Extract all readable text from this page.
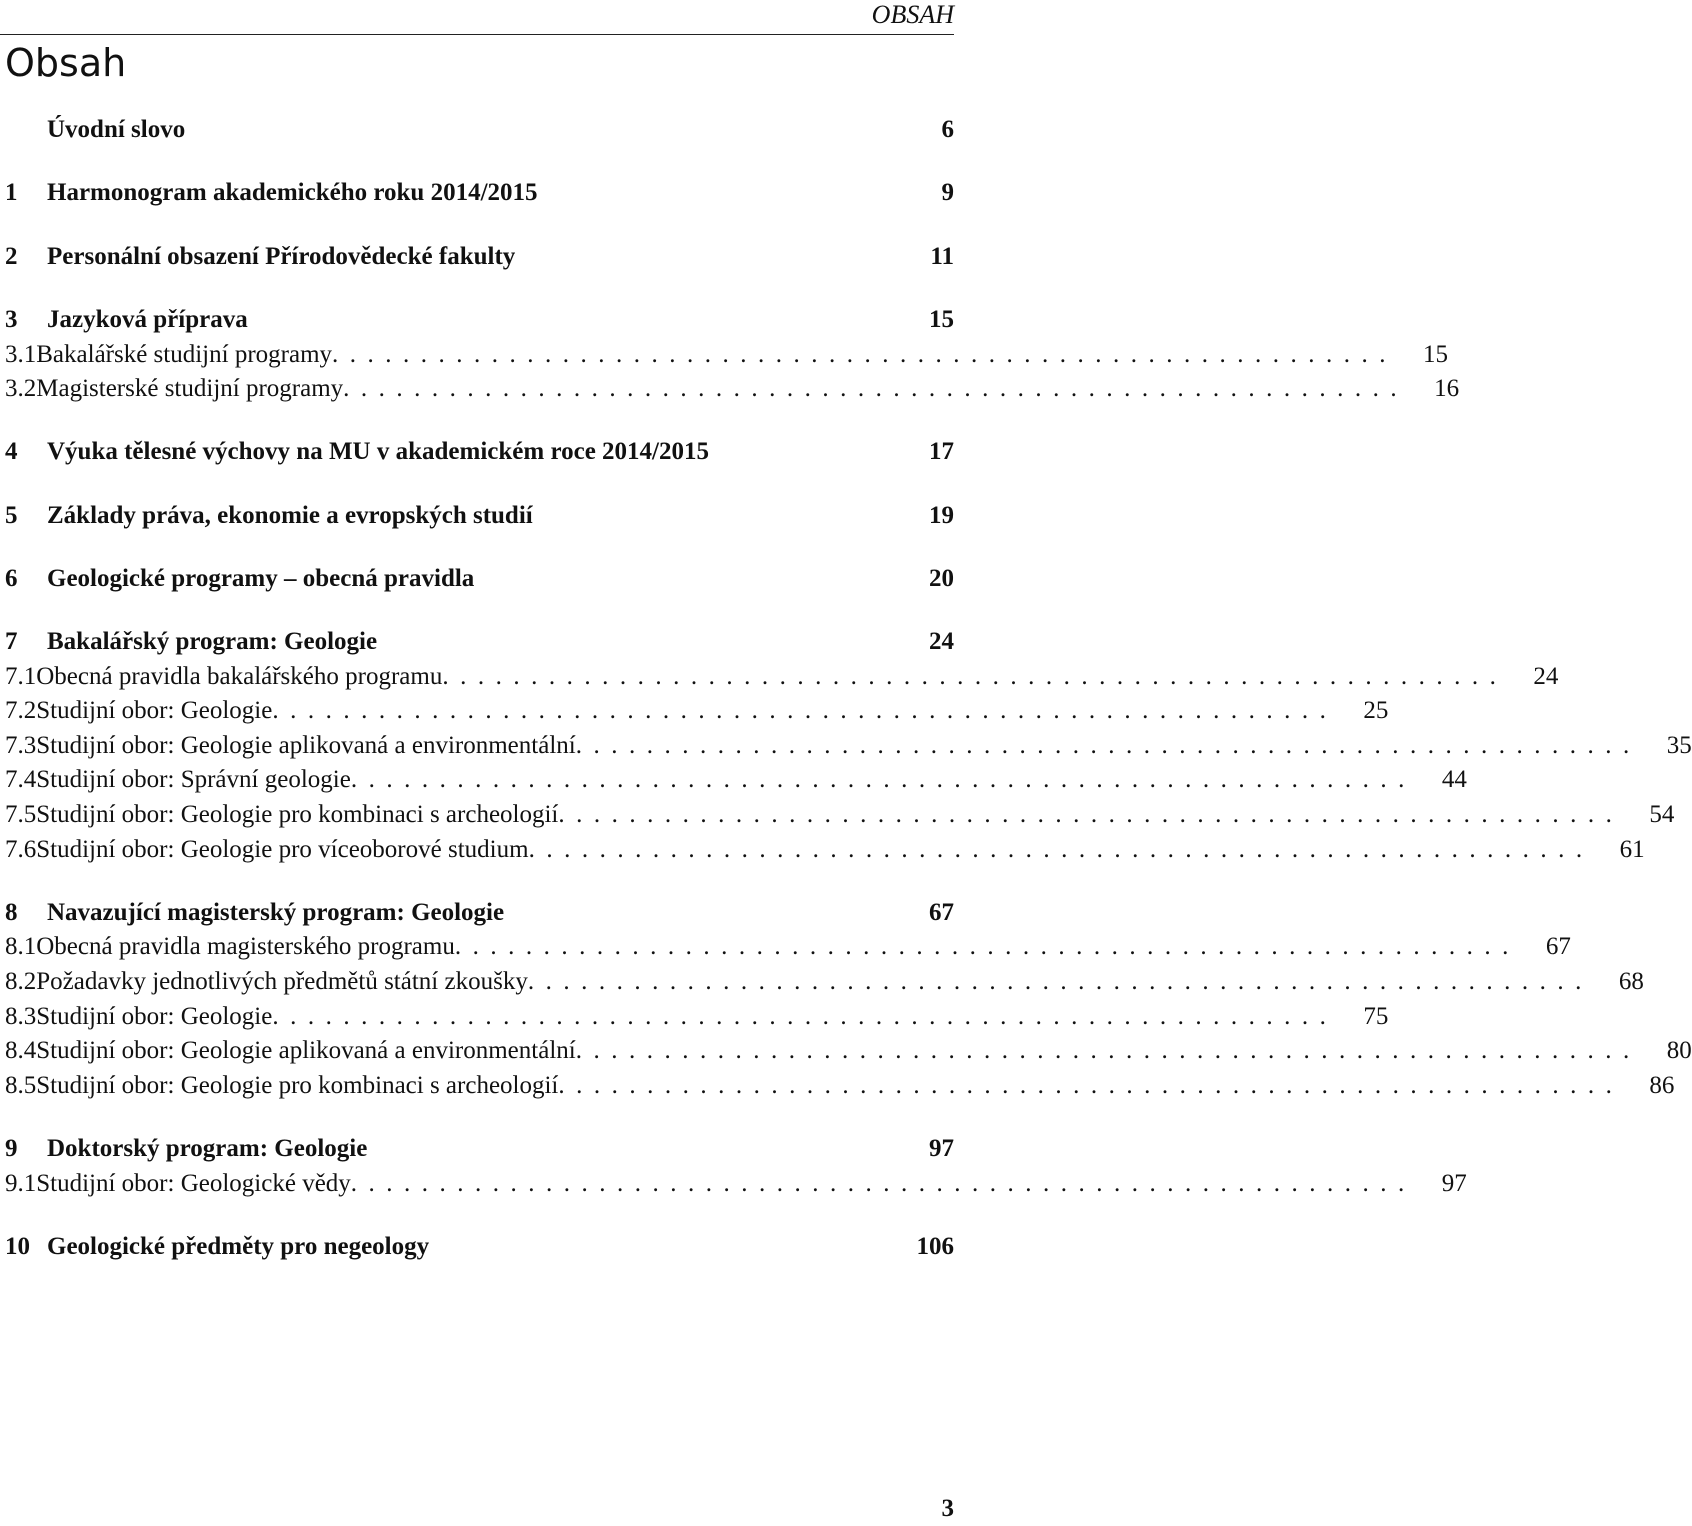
OBSAH
Obsah
Úvodní slovo	6
1	Harmonogram akademického roku 2014/2015	9
2	Personální obsazení Přírodovědecké fakulty	11
3	Jazyková příprava	15
3.1 Bakalářské studijní programy ............................................................	15
3.2 Magisterské studijní programy ............................................................	16
4	Výuka tělesné výchovy na MU v akademickém roce 2014/2015	17
5	Základy práva, ekonomie a evropských studií	19
6	Geologické programy – obecná pravidla	20
7	Bakalářský program: Geologie	24
7.1 Obecná pravidla bakalářského programu ............................................................	24
7.2 Studijní obor: Geologie ............................................................	25
7.3 Studijní obor: Geologie aplikovaná a environmentální ............................................................	35
7.4 Studijní obor: Správní geologie ............................................................	44
7.5 Studijní obor: Geologie pro kombinaci s archeologií ............................................................	54
7.6 Studijní obor: Geologie pro víceoborové studium ............................................................	61
8	Navazující magisterský program: Geologie	67
8.1 Obecná pravidla magisterského programu ............................................................	67
8.2 Požadavky jednotlivých předmětů státní zkoušky ............................................................	68
8.3 Studijní obor: Geologie ............................................................	75
8.4 Studijní obor: Geologie aplikovaná a environmentální ............................................................	80
8.5 Studijní obor: Geologie pro kombinaci s archeologií ............................................................	86
9	Doktorský program: Geologie	97
9.1 Studijní obor: Geologické vědy ............................................................	97
10 Geologické předměty pro negeology	106
3
